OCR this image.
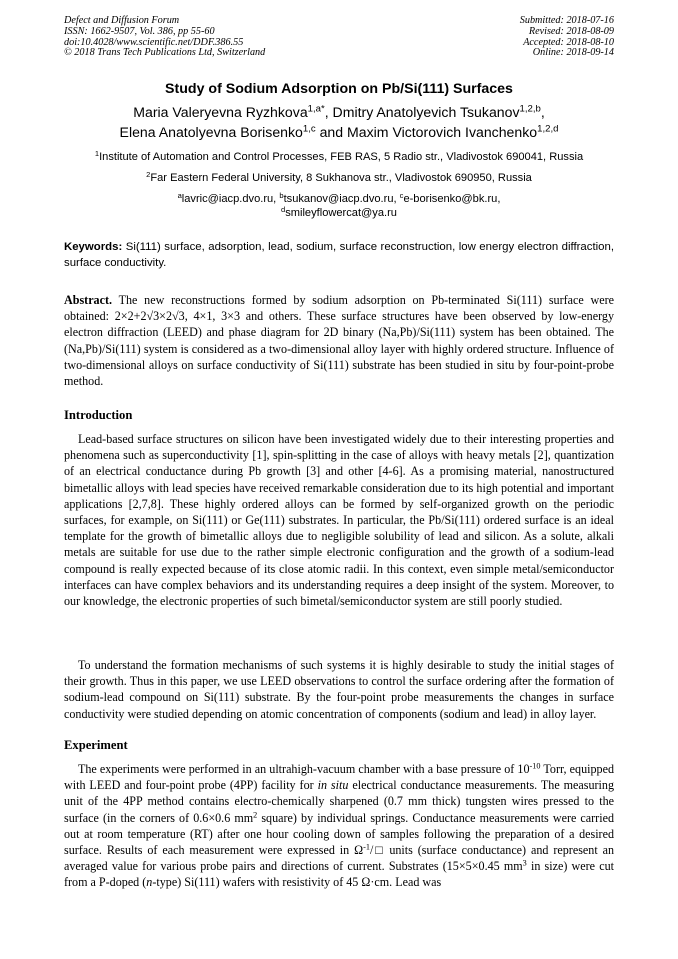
Defect and Diffusion Forum
ISSN: 1662-9507, Vol. 386, pp 55-60
doi:10.4028/www.scientific.net/DDF.386.55
© 2018 Trans Tech Publications Ltd, Switzerland
Submitted: 2018-07-16
Revised: 2018-08-09
Accepted: 2018-08-10
Online: 2018-09-14
Study of Sodium Adsorption on Pb/Si(111) Surfaces
Maria Valeryevna Ryzhkova$^{1,a*}$, Dmitry Anatolyevich Tsukanov$^{1,2,b}$,
Elena Anatolyevna Borisenko$^{1,c}$ and Maxim Victorovich Ivanchenko$^{1,2,d}$
$^1$Institute of Automation and Control Processes, FEB RAS, 5 Radio str., Vladivostok 690041, Russia
$^2$Far Eastern Federal University, 8 Sukhanova str., Vladivostok 690950, Russia
$^a$lavric@iacp.dvo.ru, $^b$tsukanov@iacp.dvo.ru, $^c$e-borisenko@bk.ru,
$^d$smileyflowercat@ya.ru
Keywords: Si(111) surface, adsorption, lead, sodium, surface reconstruction, low energy electron diffraction, surface conductivity.
Abstract. The new reconstructions formed by sodium adsorption on Pb-terminated Si(111) surface were obtained: 2×2+2√3×2√3, 4×1, 3×3 and others. These surface structures have been observed by low-energy electron diffraction (LEED) and phase diagram for 2D binary (Na,Pb)/Si(111) system has been obtained. The (Na,Pb)/Si(111) system is considered as a two-dimensional alloy layer with highly ordered structure. Influence of two-dimensional alloys on surface conductivity of Si(111) substrate has been studied in situ by four-point-probe method.
Introduction

Lead-based surface structures on silicon have been investigated widely due to their interesting properties and phenomena such as superconductivity [1], spin-splitting in the case of alloys with heavy metals [2], quantization of an electrical conductance during Pb growth [3] and other [4-6]. As a promising material, nanostructured bimetallic alloys with lead species have received remarkable consideration due to its high potential and important applications [2,7,8]. These highly ordered alloys can be formed by self-organized growth on the periodic surfaces, for example, on Si(111) or Ge(111) substrates. In particular, the Pb/Si(111) ordered surface is an ideal template for the growth of bimetallic alloys due to negligible solubility of lead and silicon. As a solute, alkali metals are suitable for use due to the rather simple electronic configuration and the growth of a sodium-lead compound is really expected because of its close atomic radii. In this context, even simple metal/semiconductor interfaces can have complex behaviors and its understanding requires a deep insight of the system. Moreover, to our knowledge, the electronic properties of such bimetal/semiconductor system are still poorly studied.

To understand the formation mechanisms of such systems it is highly desirable to study the initial stages of their growth. Thus in this paper, we use LEED observations to control the surface ordering after the formation of sodium-lead compound on Si(111) substrate. By the four-point probe measurements the changes in surface conductivity were studied depending on atomic concentration of components (sodium and lead) in alloy layer.

Experiment

The experiments were performed in an ultrahigh-vacuum chamber with a base pressure of $10^{-10}$ Torr, equipped with LEED and four-point probe (4PP) facility for in situ electrical conductance measurements. The measuring unit of the 4PP method contains electro-chemically sharpened (0.7 mm thick) tungsten wires pressed to the surface (in the corners of 0.6×0.6 $mm^2$ square) by individual springs. Conductance measurements were carried out at room temperature (RT) after one hour cooling down of samples following the preparation of a desired surface. Results of each measurement were expressed in $\Omega^{-1}/□$ units (surface conductance) and represent an averaged value for various probe pairs and directions of current. Substrates (15×5×0.45 $mm^3$ in size) were cut from a P-doped (n-type) Si(111) wafers with resistivity of 45 Ω·cm. Lead was
